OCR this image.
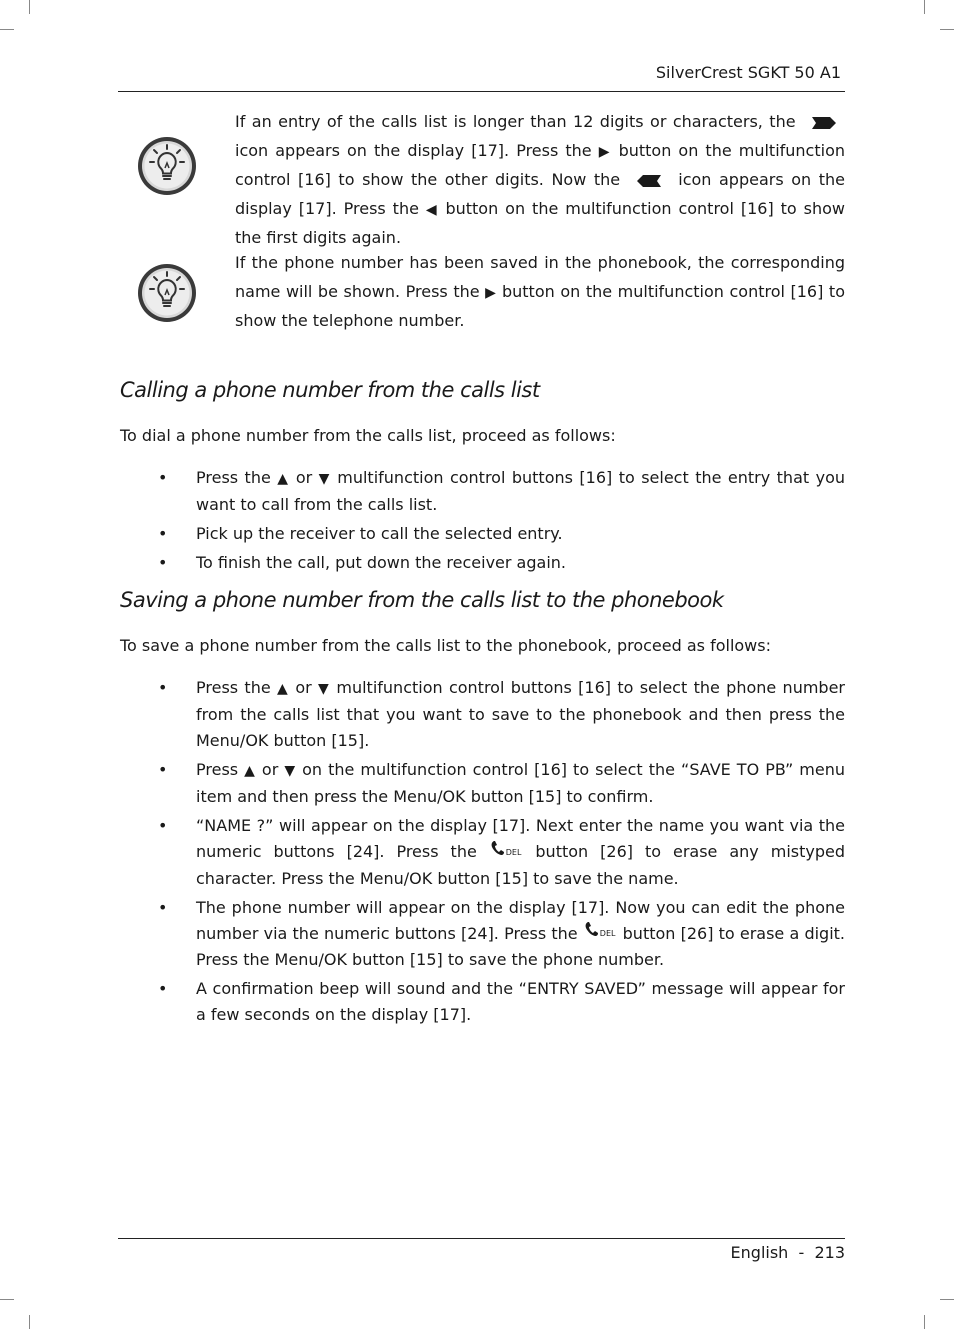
SilverCrest SGKT 50 A1
If an entry of the calls list is longer than 12 digits or characters, the  icon appears on the display [17]. Press the ▶ button on the multifunction control [16] to show the other digits. Now the	icon appears on the display [17]. Press the ◀ button on the multifunction control [16] to show the first digits again.
If the phone number has been saved in the phonebook, the corresponding name will be shown. Press the ▶ button on the multifunction control [16] to show the telephone number.
Calling a phone number from the calls list
To dial a phone number from the calls list, proceed as follows:
• Press the ▲ or ▼ multifunction control buttons [16] to select the entry that you want to call from the calls list.
• Pick up the receiver to call the selected entry.
• To finish the call, put down the receiver again.
Saving a phone number from the calls list to the phonebook
To save a phone number from the calls list to the phonebook, proceed as follows:
• Press the ▲ or ▼ multifunction control buttons [16] to select the phone number from the calls list that you want to save to the phonebook and then press the Menu/OK button [15].
• Press ▲ or ▼ on the multifunction control [16] to select the “SAVE TO PB” menu item and then press the Menu/OK button [15] to confirm.
• “NAME ?” will appear on the display [17]. Next enter the name you want via the numeric buttons [24]. Press the DEL button [26] to erase any mistyped character. Press the Menu/OK button [15] to save the name.
• The phone number will appear on the display [17]. Now you can edit the phone number via the numeric buttons [24]. Press the DEL button [26] to erase a digit. Press the Menu/OK button [15] to save the phone number.
• A confirmation beep will sound and the “ENTRY SAVED” message will appear for a few seconds on the display [17].
English - 213
